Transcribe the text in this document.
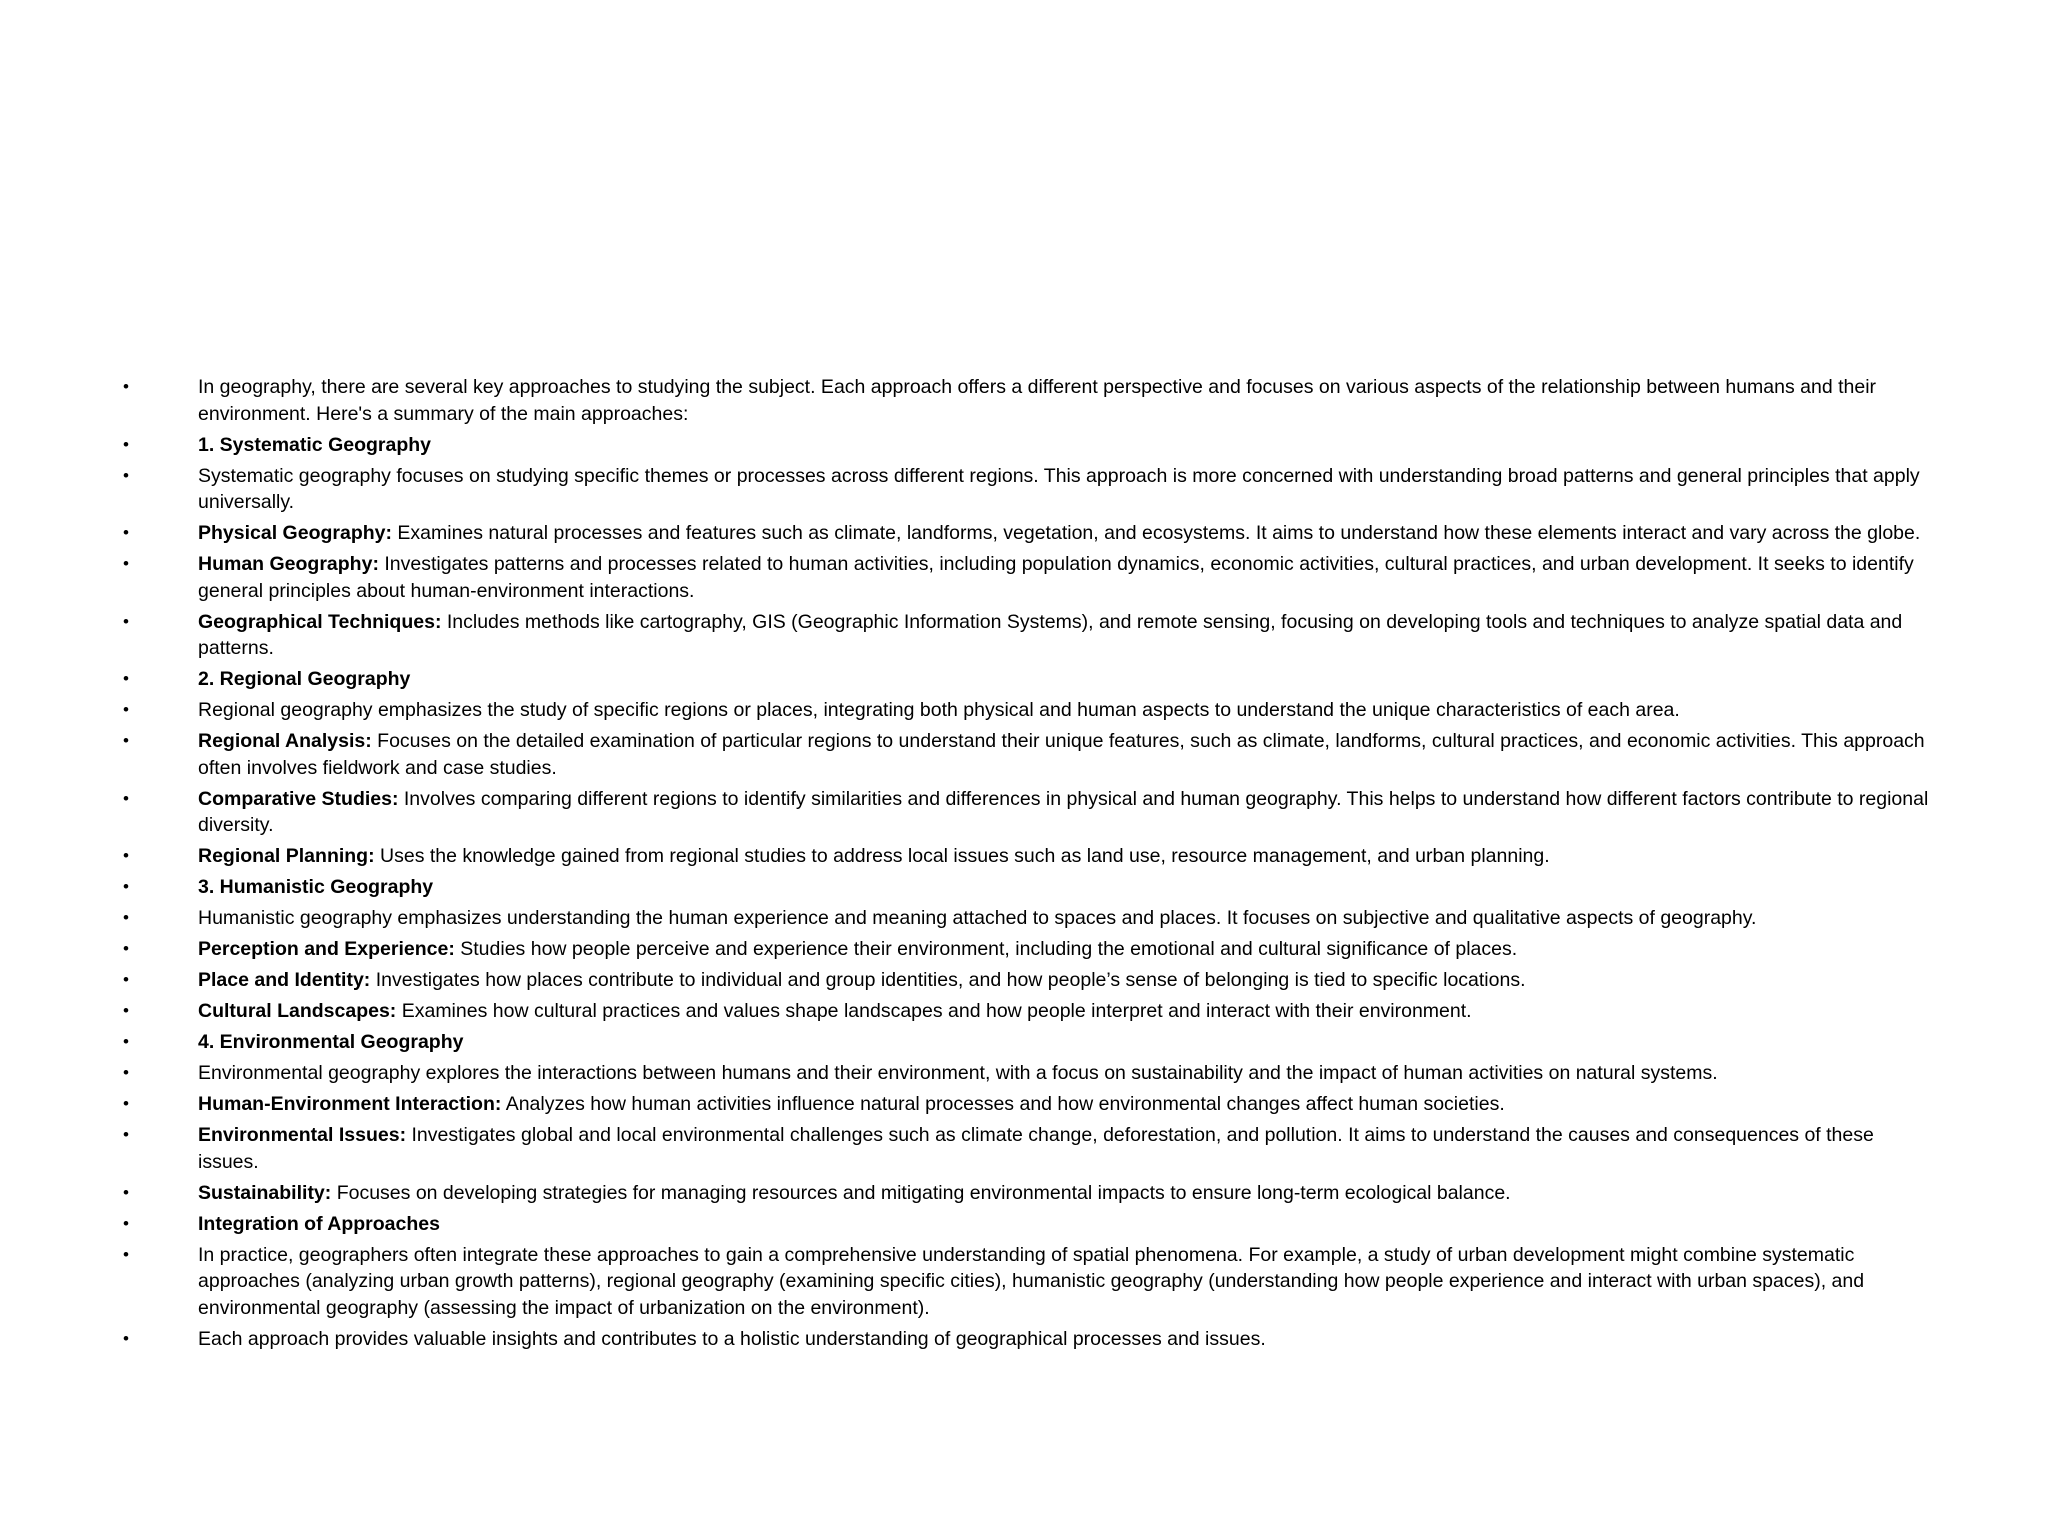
•	In geography, there are several key approaches to studying the subject. Each approach offers a different perspective and focuses on various aspects of the relationship between humans and their environment. Here's a summary of the main approaches:
•	1. Systematic Geography
•	Systematic geography focuses on studying specific themes or processes across different regions. This approach is more concerned with understanding broad patterns and general principles that apply universally.
•	Physical Geography: Examines natural processes and features such as climate, landforms, vegetation, and ecosystems. It aims to understand how these elements interact and vary across the globe.
•	Human Geography: Investigates patterns and processes related to human activities, including population dynamics, economic activities, cultural practices, and urban development. It seeks to identify general principles about human-environment interactions.
•	Geographical Techniques: Includes methods like cartography, GIS (Geographic Information Systems), and remote sensing, focusing on developing tools and techniques to analyze spatial data and patterns.
•	2. Regional Geography
•	Regional geography emphasizes the study of specific regions or places, integrating both physical and human aspects to understand the unique characteristics of each area.
•	Regional Analysis: Focuses on the detailed examination of particular regions to understand their unique features, such as climate, landforms, cultural practices, and economic activities. This approach often involves fieldwork and case studies.
•	Comparative Studies: Involves comparing different regions to identify similarities and differences in physical and human geography. This helps to understand how different factors contribute to regional diversity.
•	Regional Planning: Uses the knowledge gained from regional studies to address local issues such as land use, resource management, and urban planning.
•	3. Humanistic Geography
•	Humanistic geography emphasizes understanding the human experience and meaning attached to spaces and places. It focuses on subjective and qualitative aspects of geography.
•	Perception and Experience: Studies how people perceive and experience their environment, including the emotional and cultural significance of places.
•	Place and Identity: Investigates how places contribute to individual and group identities, and how people’s sense of belonging is tied to specific locations.
•	Cultural Landscapes: Examines how cultural practices and values shape landscapes and how people interpret and interact with their environment.
•	4. Environmental Geography
•	Environmental geography explores the interactions between humans and their environment, with a focus on sustainability and the impact of human activities on natural systems.
•	Human-Environment Interaction: Analyzes how human activities influence natural processes and how environmental changes affect human societies.
•	Environmental Issues: Investigates global and local environmental challenges such as climate change, deforestation, and pollution. It aims to understand the causes and consequences of these issues.
•	Sustainability: Focuses on developing strategies for managing resources and mitigating environmental impacts to ensure long-term ecological balance.
•	Integration of Approaches
•	In practice, geographers often integrate these approaches to gain a comprehensive understanding of spatial phenomena. For example, a study of urban development might combine systematic approaches (analyzing urban growth patterns), regional geography (examining specific cities), humanistic geography (understanding how people experience and interact with urban spaces), and environmental geography (assessing the impact of urbanization on the environment).
•	Each approach provides valuable insights and contributes to a holistic understanding of geographical processes and issues.
